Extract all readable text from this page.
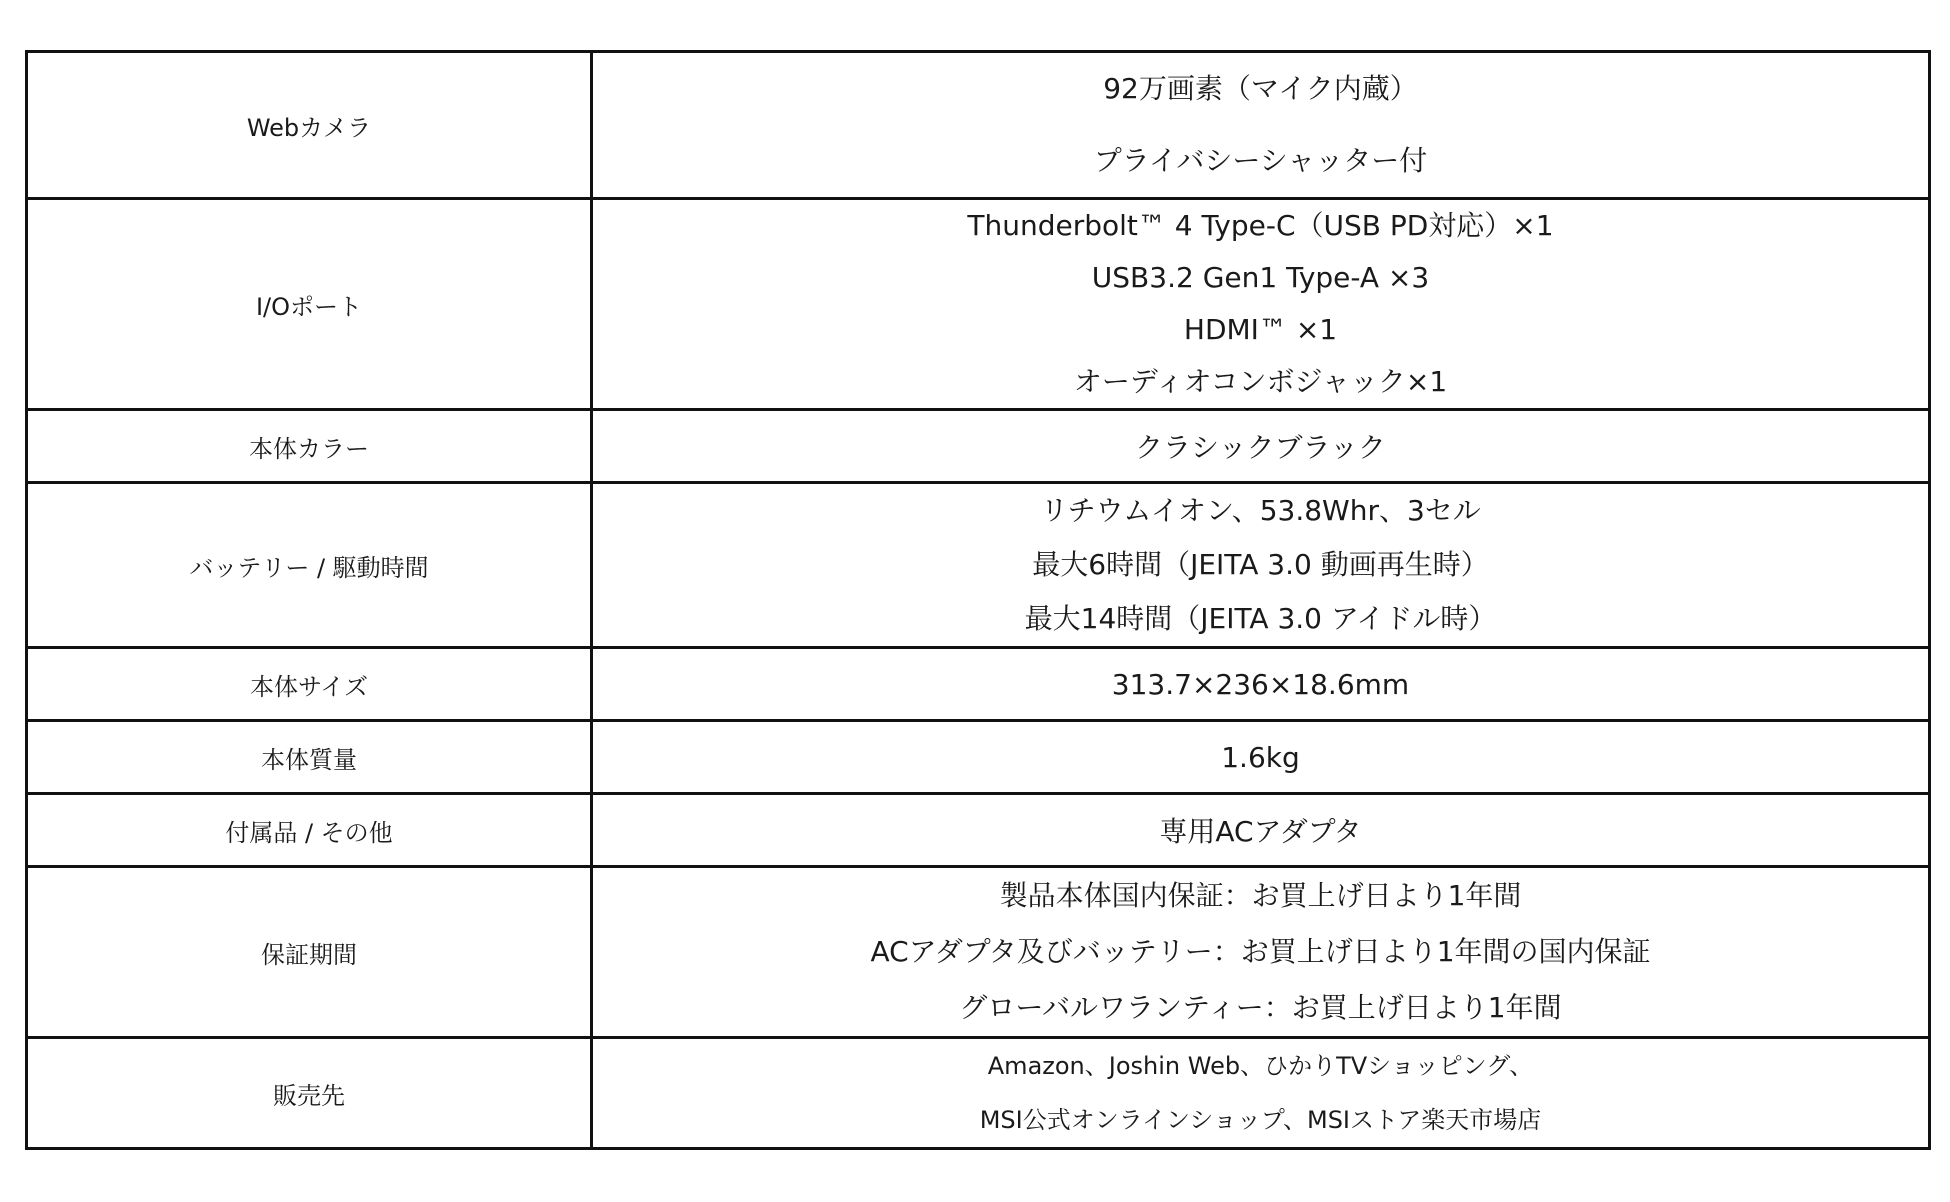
Webカメラ	92万画素（マイク内蔵）
プライバシーシャッター付

I/Oポート	Thunderbolt™ 4 Type-C（USB PD対応）×1
USB3.2 Gen1 Type-A ×3
HDMI™ ×1
オーディオコンボジャック×1

本体カラー	クラシックブラック

バッテリー / 駆動時間	リチウムイオン、53.8Whr、3セル
最大6時間（JEITA 3.0 動画再生時）
最大14時間（JEITA 3.0 アイドル時）

本体サイズ	313.7×236×18.6mm

本体質量	1.6kg

付属品 / その他	専用ACアダプタ

保証期間	製品本体国内保証：お買上げ日より1年間
ACアダプタ及びバッテリー：お買上げ日より1年間の国内保証
グローバルワランティー：お買上げ日より1年間

販売先	Amazon、Joshin Web、ひかりTVショッピング、
MSI公式オンラインショップ、MSIストア楽天市場店
